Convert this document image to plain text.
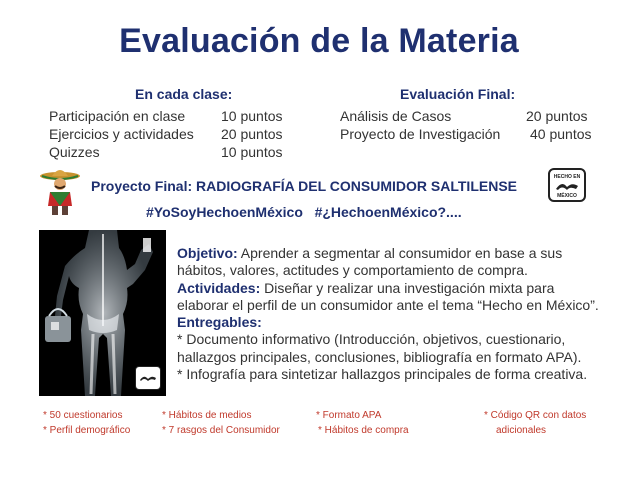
Evaluación de la Materia
En cada clase:
Participación en clase	10 puntos
Ejercicios y actividades 20 puntos
Quizzes	10 puntos
Evaluación Final:
Análisis de Casos	20 puntos
Proyecto de Investigación 40 puntos
Proyecto Final: RADIOGRAFÍA DEL CONSUMIDOR SALTILENSE
#YoSoyHechoenMéxico   #¿HechoenMéxico?....
HECHO EN
MÉXICO
Objetivo: Aprender a segmentar al consumidor en base a sus hábitos, valores, actitudes y comportamiento de compra.
Actividades: Diseñar y realizar una investigación mixta para elaborar el perfil de un consumidor ante el tema “Hecho en México”.
Entregables:
* Documento informativo (Introducción, objetivos, cuestionario, hallazgos principales, conclusiones, bibliografía en formato APA).
* Infografía para sintetizar hallazgos principales de forma creativa.
* 50 cuestionarios
* Perfil demográfico
* Hábitos de medios
* 7 rasgos del Consumidor
* Formato APA
* Hábitos de compra
* Código QR con datos
adicionales
